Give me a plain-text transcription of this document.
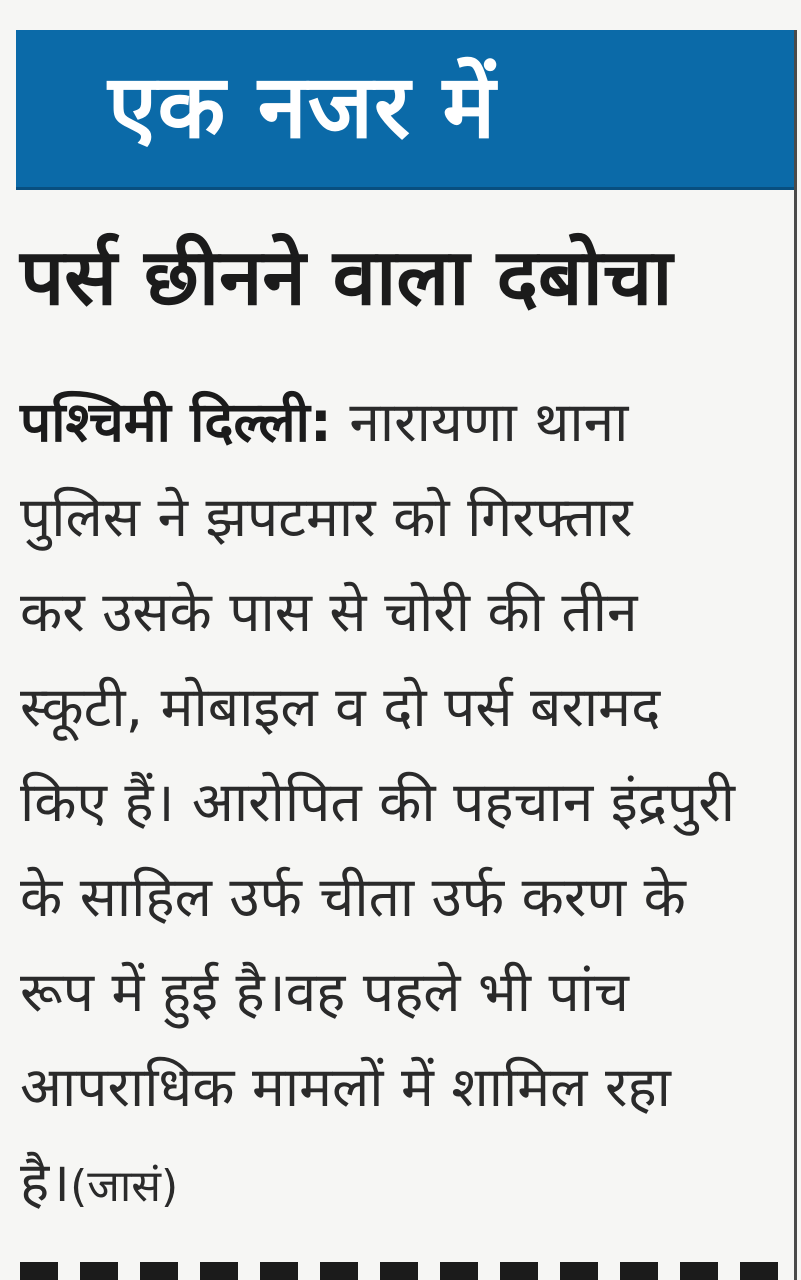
एक नजर में
पर्स छीनने वाला दबोचा
पश्चिमी दिल्ली: नारायणा थाना
पुलिस ने झपटमार को गिरफ्तार
कर उसके पास से चोरी की तीन
स्कूटी, मोबाइल व दो पर्स बरामद
किए हैं। आरोपित की पहचान इंद्रपुरी
के साहिल उर्फ चीता उर्फ करण के
रूप में हुई है।वह पहले भी पांच
आपराधिक मामलों में शामिल रहा
है।(जासं)
